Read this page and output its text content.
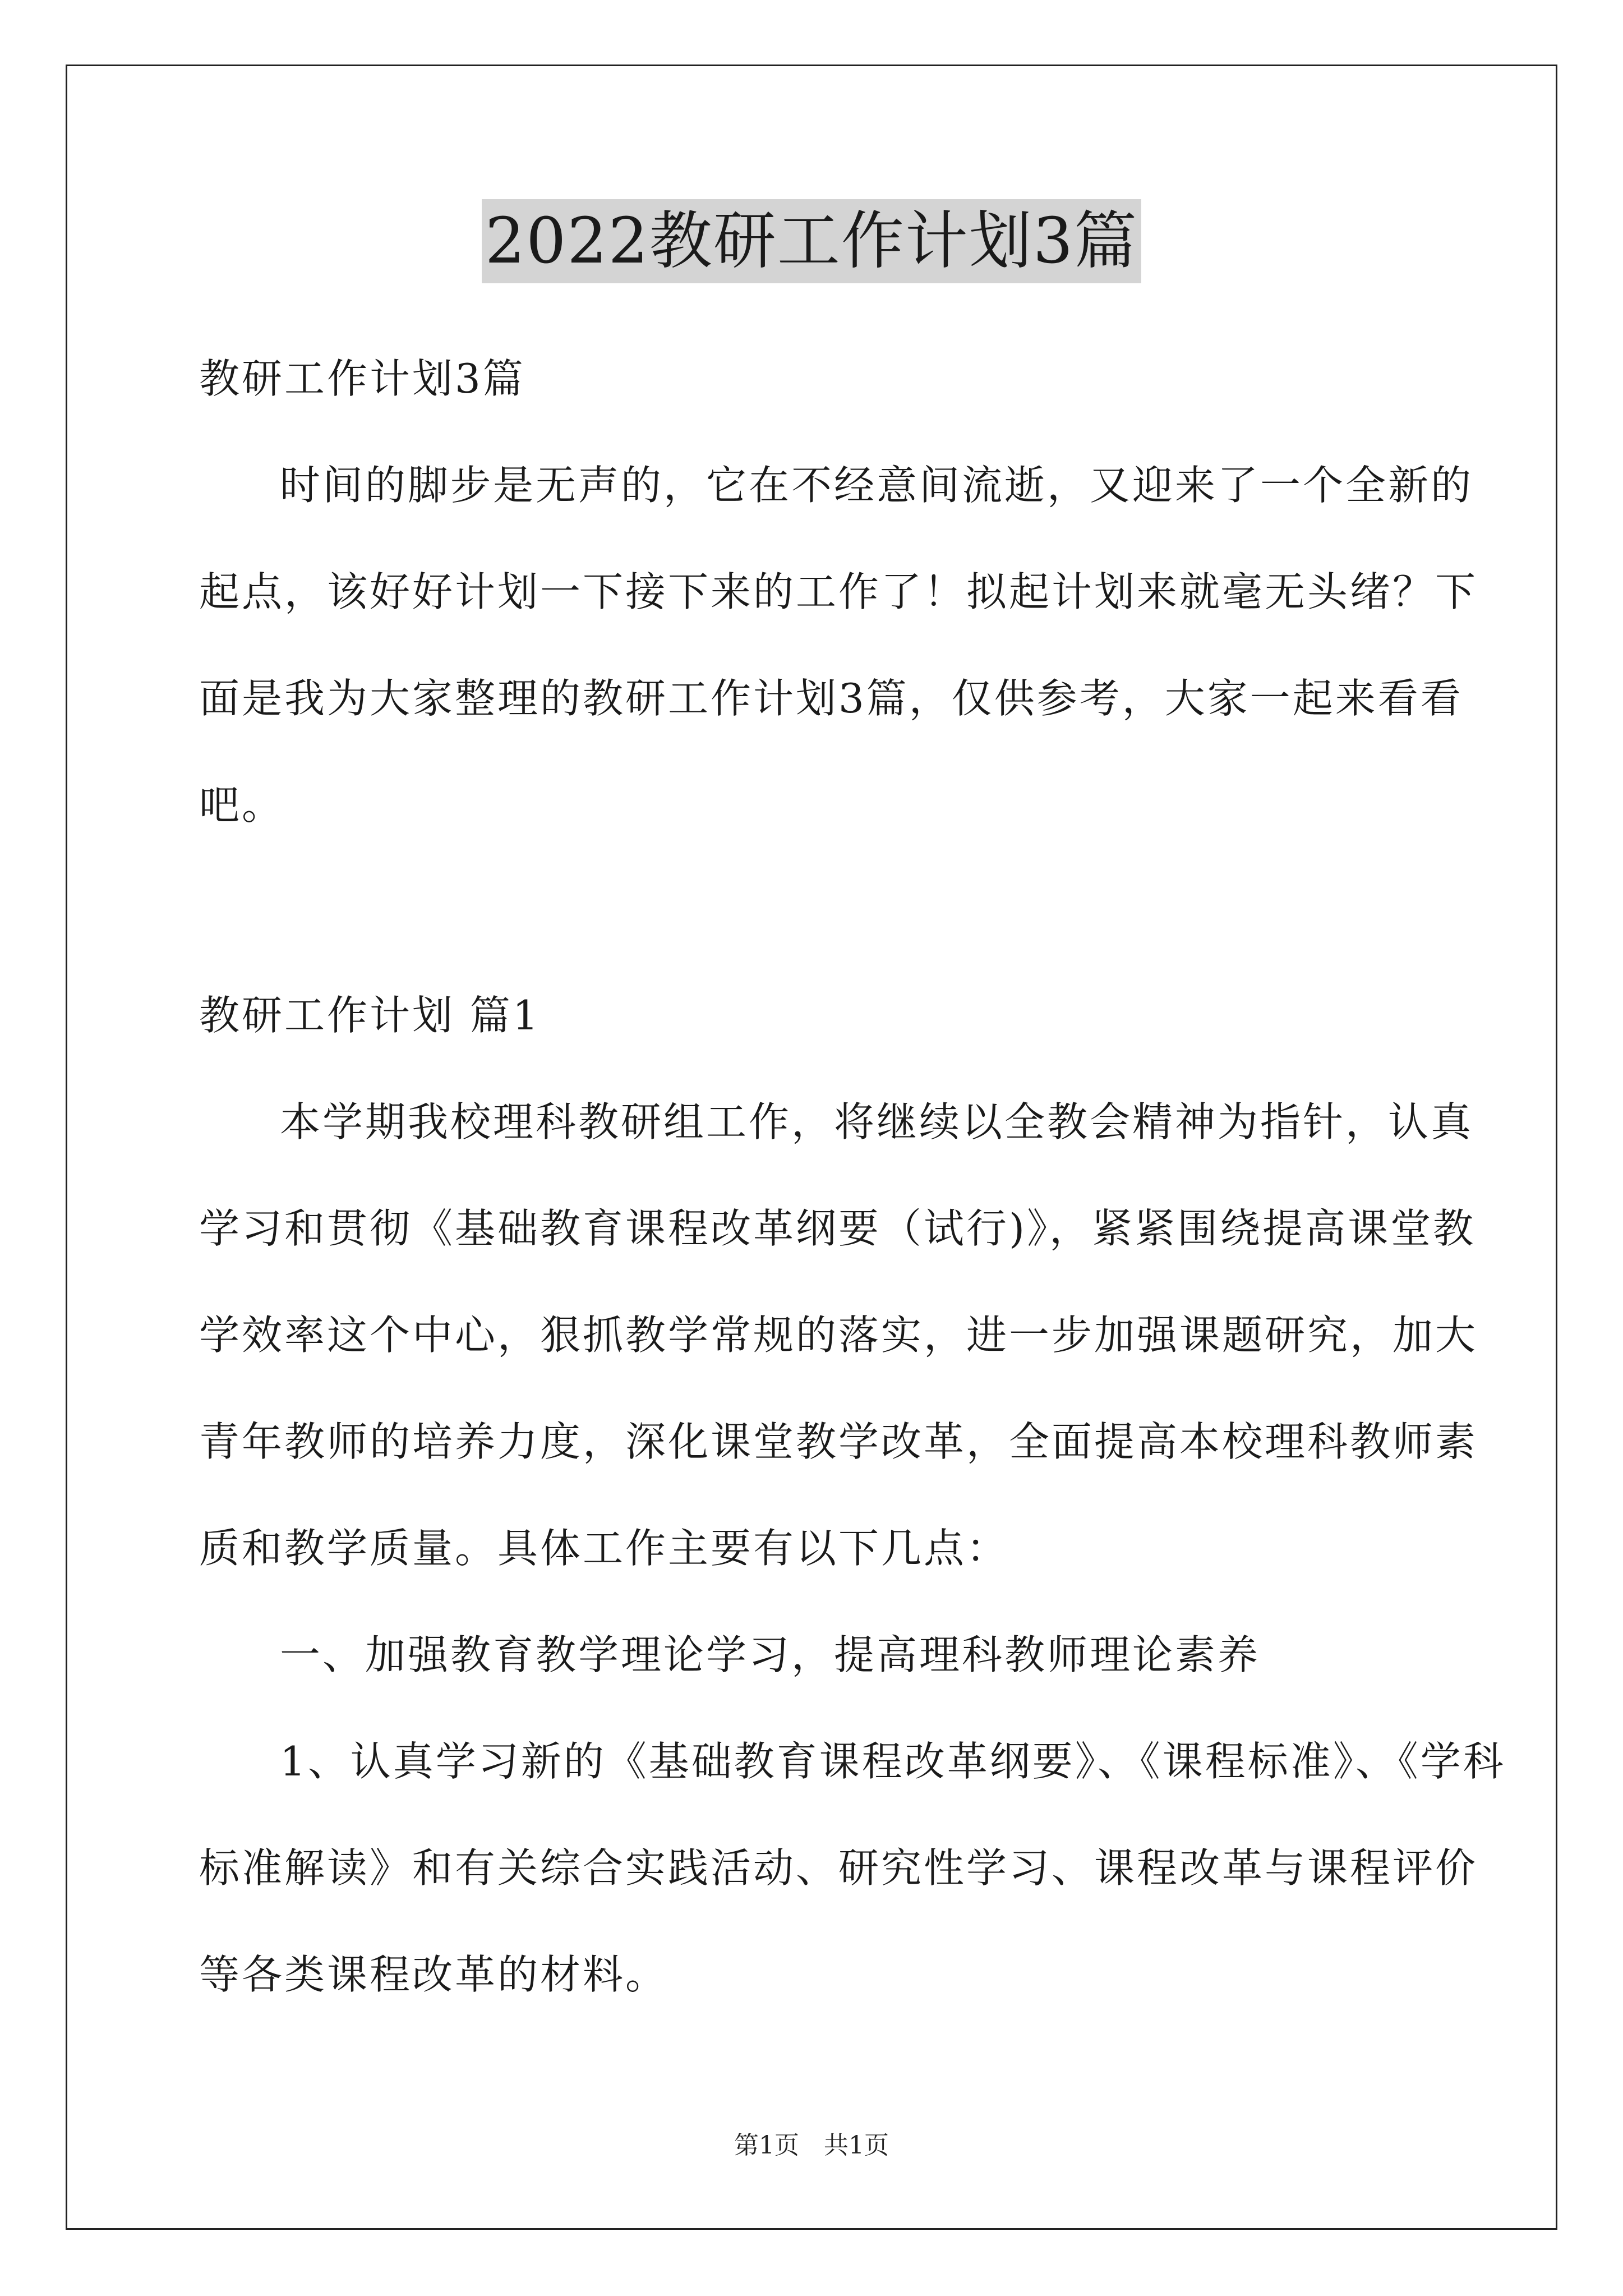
2022教研工作计划3篇
教研工作计划3篇
时间的脚步是无声的，它在不经意间流逝，又迎来了一个全新的
起点，该好好计划一下接下来的工作了！拟起计划来就毫无头绪？下
面是我为大家整理的教研工作计划3篇，仅供参考，大家一起来看看
吧。
教研工作计划 篇1
本学期我校理科教研组工作，将继续以全教会精神为指针，认真
学习和贯彻《基础教育课程改革纲要（试行)》，紧紧围绕提高课堂教
学效率这个中心，狠抓教学常规的落实，进一步加强课题研究，加大
青年教师的培养力度，深化课堂教学改革，全面提高本校理科教师素
质和教学质量。具体工作主要有以下几点：
一、加强教育教学理论学习，提高理科教师理论素养
1、认真学习新的《基础教育课程改革纲要》、《课程标准》、《学科
标准解读》和有关综合实践活动、研究性学习、课程改革与课程评价
等各类课程改革的材料。
第1页　共1页
